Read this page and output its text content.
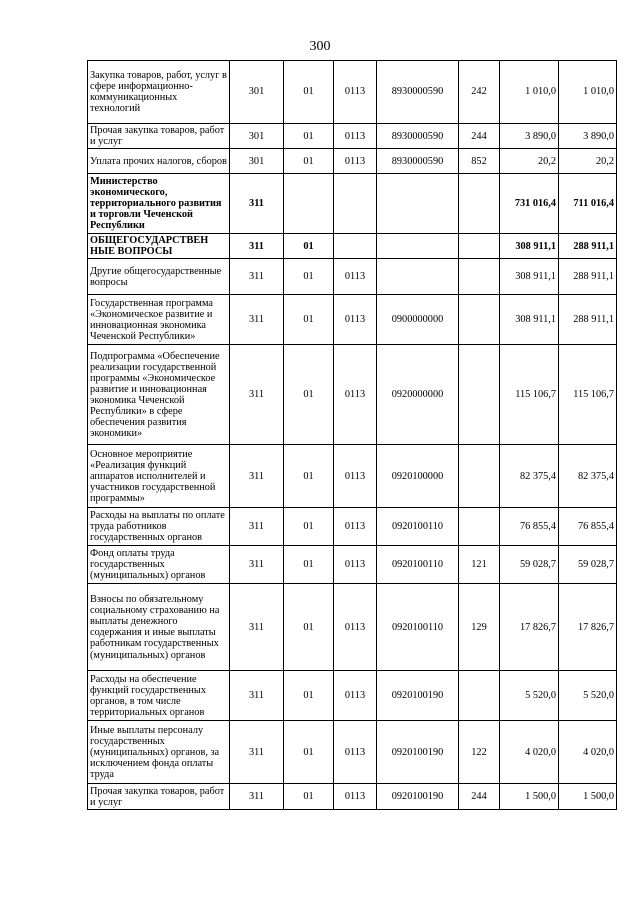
300
Закупка товаров, работ, услуг в сфере информационно-коммуникационных технологий	301	01	0113	8930000590	242	1 010,0	1 010,0
Прочая закупка товаров, работ и услуг	301	01	0113	8930000590	244	3 890,0	3 890,0
Уплата прочих налогов, сборов	301	01	0113	8930000590	852	20,2	20,2
Министерство экономического, территориального развития и торговли Чеченской Республики	311					731 016,4	711 016,4
ОБЩЕГОСУДАРСТВЕН НЫЕ ВОПРОСЫ	311	01				308 911,1	288 911,1
Другие общегосударственные вопросы	311	01	0113			308 911,1	288 911,1
Государственная программа «Экономическое развитие и инновационная экономика Чеченской Республики»	311	01	0113	0900000000		308 911,1	288 911,1
Подпрограмма «Обеспечение реализации государственной программы «Экономическое развитие и инновационная экономика Чеченской Республики» в сфере обеспечения развития экономики»	311	01	0113	0920000000		115 106,7	115 106,7
Основное мероприятие «Реализация функций аппаратов исполнителей и участников государственной программы»	311	01	0113	0920100000		82 375,4	82 375,4
Расходы на выплаты по оплате труда работников государственных органов	311	01	0113	0920100110		76 855,4	76 855,4
Фонд оплаты труда государственных (муниципальных) органов	311	01	0113	0920100110	121	59 028,7	59 028,7
Взносы по обязательному социальному страхованию на выплаты денежного содержания и иные выплаты работникам государственных (муниципальных) органов	311	01	0113	0920100110	129	17 826,7	17 826,7
Расходы на обеспечение функций государственных органов, в том числе территориальных органов	311	01	0113	0920100190		5 520,0	5 520,0
Иные выплаты персоналу государственных (муниципальных) органов, за исключением фонда оплаты труда	311	01	0113	0920100190	122	4 020,0	4 020,0
Прочая закупка товаров, работ и услуг	311	01	0113	0920100190	244	1 500,0	1 500,0
